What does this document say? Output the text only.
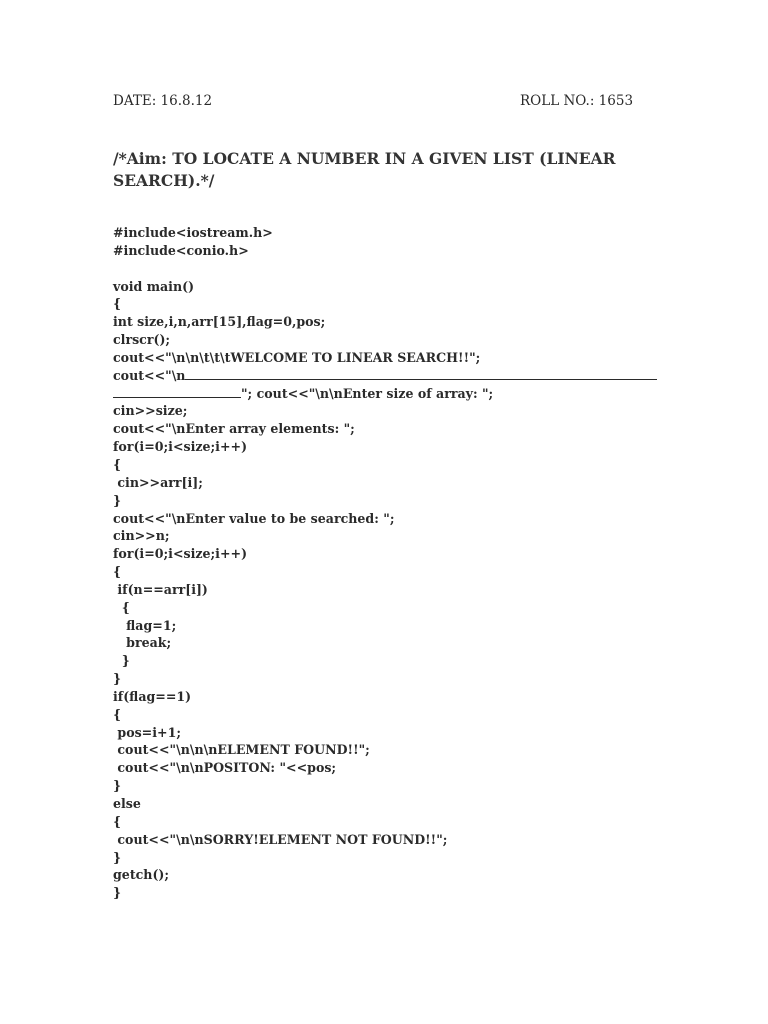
DATE: 16.8.12	ROLL NO.: 1653
/*Aim: TO LOCATE A NUMBER IN A GIVEN LIST (LINEAR
SEARCH).*/
#include<iostream.h>
#include<conio.h>
void main()
{
int size,i,n,arr[15],flag=0,pos;
clrscr();
cout<<"\n\n\t\t\tWELCOME TO LINEAR SEARCH!!";
cout<<"\n
"; cout<<"\n\nEnter size of array: ";
cin>>size;
cout<<"\nEnter array elements: ";
for(i=0;i<size;i++)
{
cin>>arr[i];
}
cout<<"\nEnter value to be searched: ";
cin>>n;
for(i=0;i<size;i++)
{
if(n==arr[i])
{
flag=1;
break;
}
}
if(flag==1)
{
pos=i+1;
cout<<"\n\n\nELEMENT FOUND!!";
cout<<"\n\nPOSITON: "<<pos;
}
else
{
cout<<"\n\nSORRY!ELEMENT NOT FOUND!!";
}
getch();
}
